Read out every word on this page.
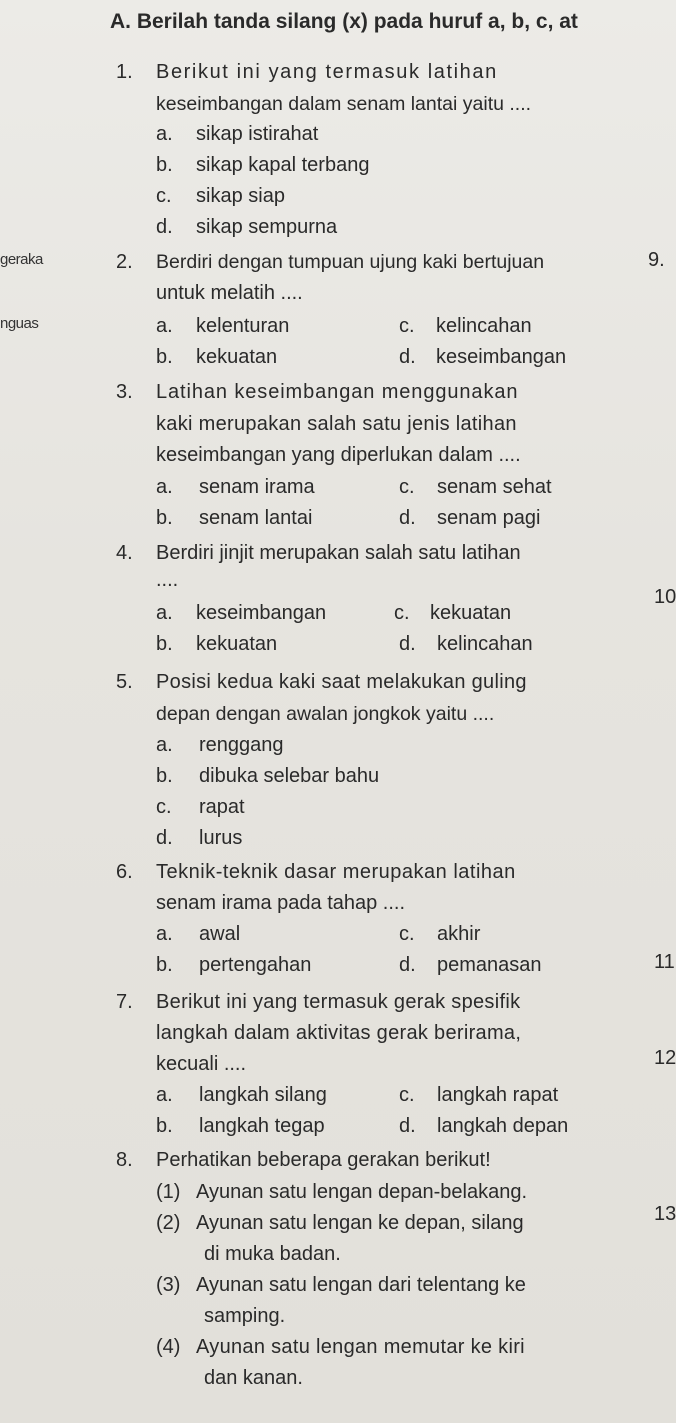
A. Berilah tanda silang (x) pada huruf a, b, c, at
geraka
nguas
9.
10
11
12
13
1. Berikut ini yang termasuk latihan
keseimbangan dalam senam lantai yaitu ....
a. sikap istirahat
b. sikap kapal terbang
c. sikap siap
d. sikap sempurna
2. Berdiri dengan tumpuan ujung kaki bertujuan
untuk melatih ....
a. kelenturan
b. kekuatan
c. kelincahan
d. keseimbangan
3. Latihan keseimbangan menggunakan
kaki merupakan salah satu jenis latihan
keseimbangan yang diperlukan dalam ....
a. senam irama
b. senam lantai
c. senam sehat
d. senam pagi
4. Berdiri jinjit merupakan salah satu latihan
....
a. keseimbangan
b. kekuatan
c. kekuatan
d. kelincahan
5. Posisi kedua kaki saat melakukan guling
depan dengan awalan jongkok yaitu ....
a. renggang
b. dibuka selebar bahu
c. rapat
d. lurus
6. Teknik-teknik dasar merupakan latihan
senam irama pada tahap ....
a. awal
b. pertengahan
c. akhir
d. pemanasan
7. Berikut ini yang termasuk gerak spesifik
langkah dalam aktivitas gerak berirama,
kecuali ....
a. langkah silang
b. langkah tegap
c. langkah rapat
d. langkah depan
8. Perhatikan beberapa gerakan berikut!
(1) Ayunan satu lengan depan-belakang.
(2) Ayunan satu lengan ke depan, silang
di muka badan.
(3) Ayunan satu lengan dari telentang ke
samping.
(4) Ayunan satu lengan memutar ke kiri
dan kanan.
